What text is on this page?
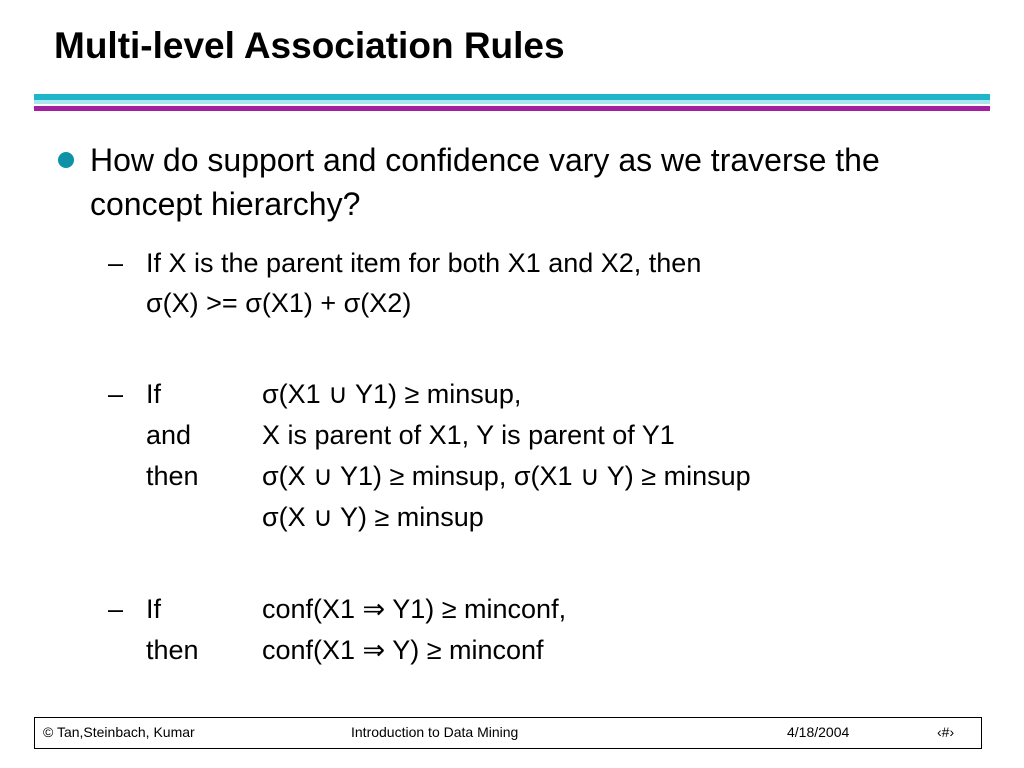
Multi-level Association Rules
How do support and confidence vary as we traverse the concept hierarchy?
– If X is the parent item for both X1 and X2, then
σ(X) >= σ(X1) + σ(X2)
– If	σ(X1 ∪ Y1) ≥ minsup,
and	X is parent of X1, Y is parent of Y1
then σ(X ∪ Y1) ≥ minsup, σ(X1 ∪ Y) ≥ minsup
σ(X ∪ Y) ≥ minsup
– If	conf(X1 ⇒ Y1) ≥ minconf,
then conf(X1 ⇒ Y) ≥ minconf
© Tan,Steinbach, Kumar	Introduction to Data Mining	4/18/2004	‹#›
